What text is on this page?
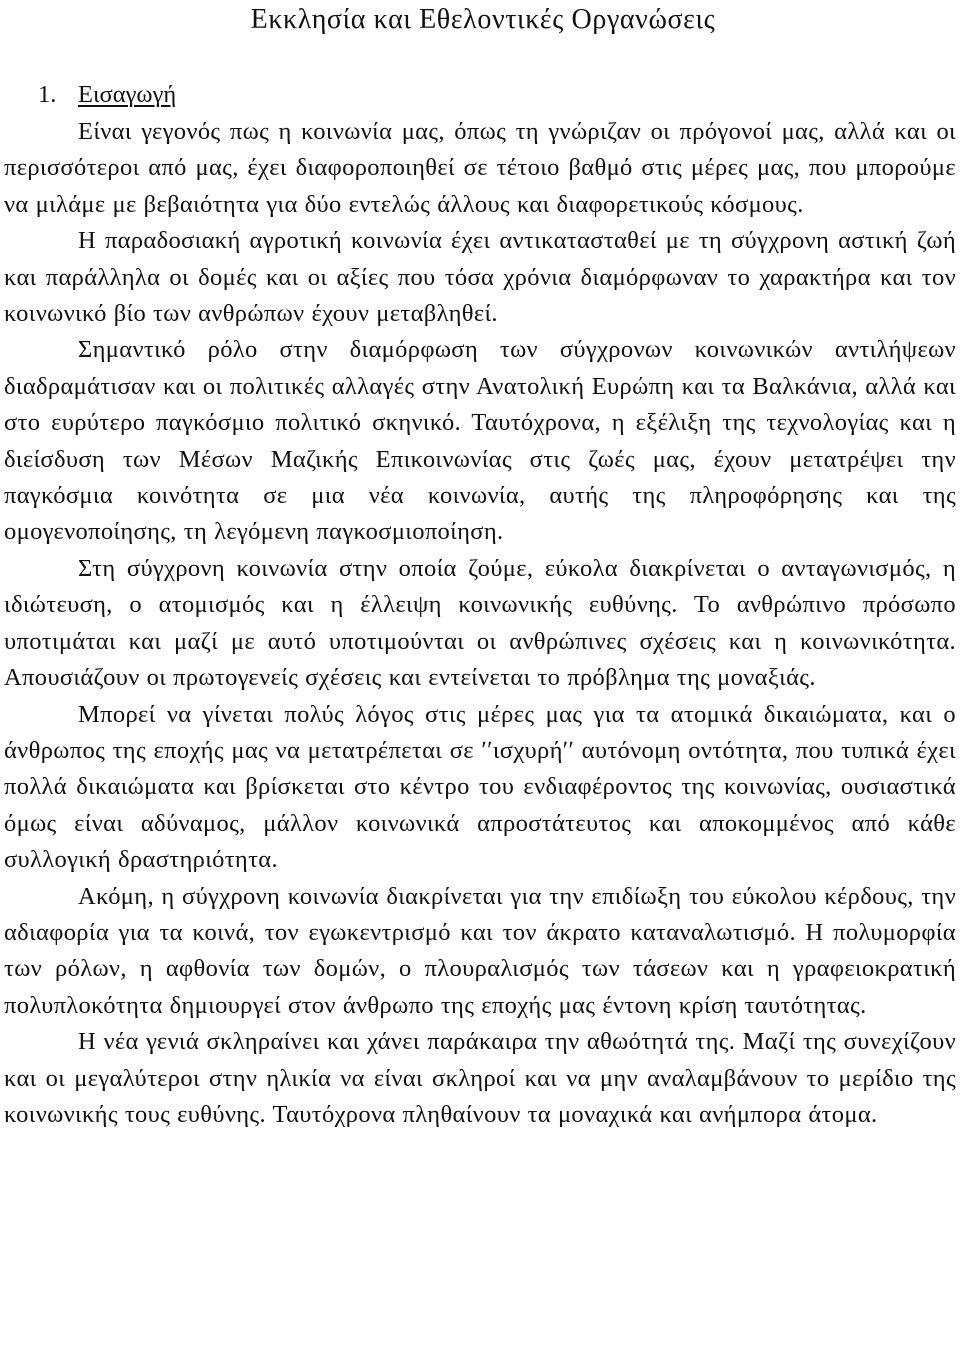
Εκκλησία και Εθελοντικές Οργανώσεις
1. Εισαγωγή

Είναι γεγονός πως η κοινωνία μας, όπως τη γνώριζαν οι πρόγονοί μας, αλλά και οι περισσότεροι από μας, έχει διαφοροποιηθεί σε τέτοιο βαθμό στις μέρες μας, που μπορούμε να μιλάμε με βεβαιότητα για δύο εντελώς άλλους και διαφορετικούς κόσμους.

Η παραδοσιακή αγροτική κοινωνία έχει αντικατασταθεί με τη σύγχρονη αστική ζωή και παράλληλα οι δομές και οι αξίες που τόσα χρόνια διαμόρφωναν το χαρακτήρα και τον κοινωνικό βίο των ανθρώπων έχουν μεταβληθεί.

Σημαντικό ρόλο στην διαμόρφωση των σύγχρονων κοινωνικών αντιλήψεων διαδραμάτισαν και οι πολιτικές αλλαγές στην Ανατολική Ευρώπη και τα Βαλκάνια, αλλά και στο ευρύτερο παγκόσμιο πολιτικό σκηνικό. Ταυτόχρονα, η εξέλιξη της τεχνολογίας και η διείσδυση των Μέσων Μαζικής Επικοινωνίας στις ζωές μας, έχουν μετατρέψει την παγκόσμια κοινότητα σε μια νέα κοινωνία, αυτής της πληροφόρησης και της ομογενοποίησης, τη λεγόμενη παγκοσμιοποίηση.

Στη σύγχρονη κοινωνία στην οποία ζούμε, εύκολα διακρίνεται ο ανταγωνισμός, η ιδιώτευση, ο ατομισμός και η έλλειψη κοινωνικής ευθύνης. Το ανθρώπινο πρόσωπο υποτιμάται και μαζί με αυτό υποτιμούνται οι ανθρώπινες σχέσεις και η κοινωνικότητα. Απουσιάζουν οι πρωτογενείς σχέσεις και εντείνεται το πρόβλημα της μοναξιάς.

Μπορεί να γίνεται πολύς λόγος στις μέρες μας για τα ατομικά δικαιώματα, και ο άνθρωπος της εποχής μας να μετατρέπεται σε ʹʹισχυρήʹʹ αυτόνομη οντότητα, που τυπικά έχει πολλά δικαιώματα και βρίσκεται στο κέντρο του ενδιαφέροντος της κοινωνίας, ουσιαστικά όμως είναι αδύναμος, μάλλον κοινωνικά απροστάτευτος και αποκομμένος από κάθε συλλογική δραστηριότητα.

Ακόμη, η σύγχρονη κοινωνία διακρίνεται για την επιδίωξη του εύκολου κέρδους, την αδιαφορία για τα κοινά, τον εγωκεντρισμό και τον άκρατο καταναλωτισμό. Η πολυμορφία των ρόλων, η αφθονία των δομών, ο πλουραλισμός των τάσεων και η γραφειοκρατική πολυπλοκότητα δημιουργεί στον άνθρωπο της εποχής μας έντονη κρίση ταυτότητας.

Η νέα γενιά σκληραίνει και χάνει παράκαιρα την αθωότητά της. Μαζί της συνεχίζουν και οι μεγαλύτεροι στην ηλικία να είναι σκληροί και να μην αναλαμβάνουν το μερίδιο της κοινωνικής τους ευθύνης. Ταυτόχρονα πληθαίνουν τα μοναχικά και ανήμπορα άτομα.
